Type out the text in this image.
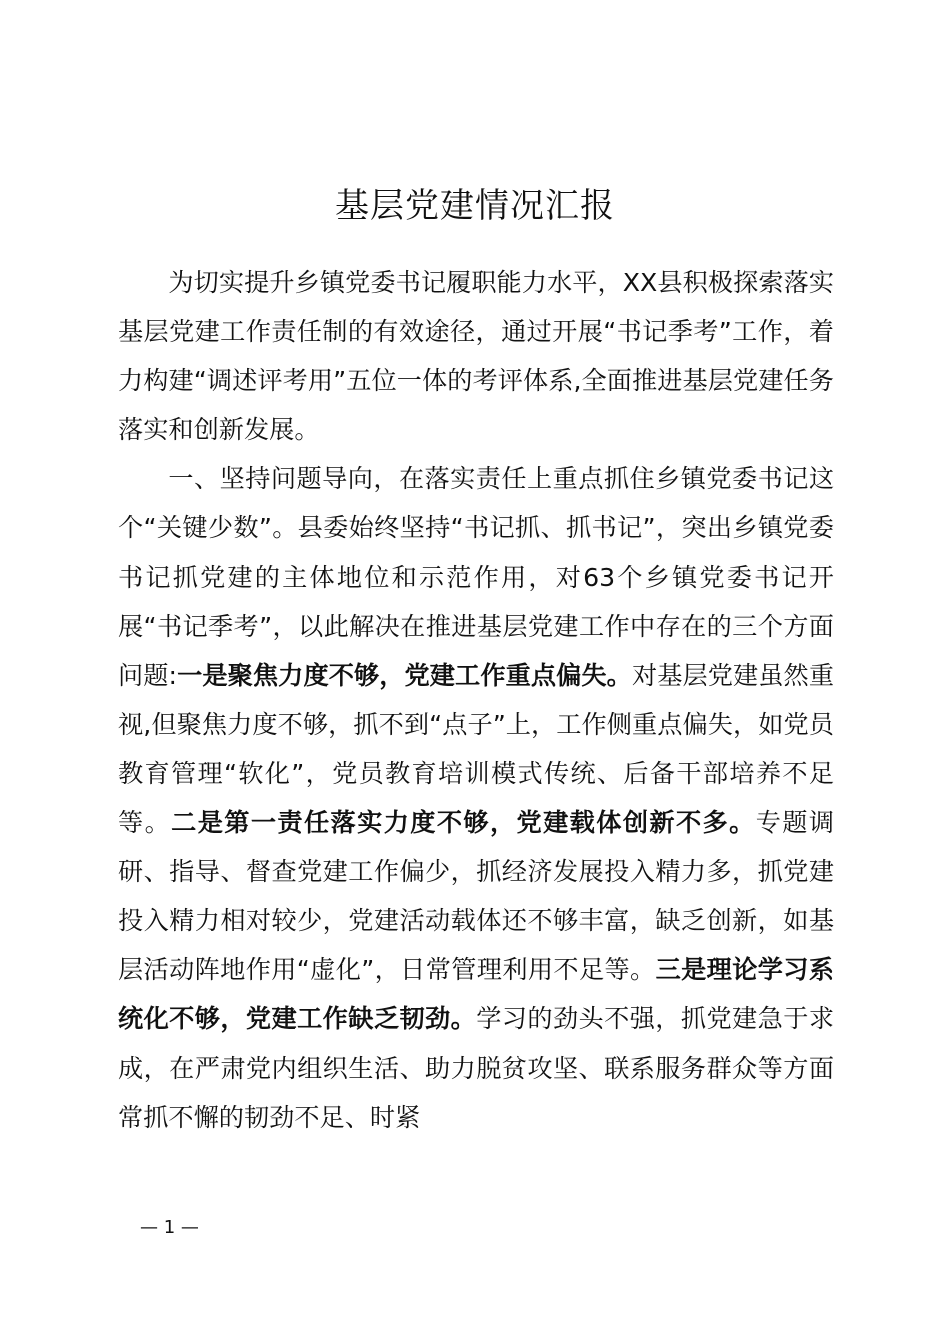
基层党建情况汇报

为切实提升乡镇党委书记履职能力水平，XX县积极探索落实基层党建工作责任制的有效途径，通过开展“书记季考”工作，着力构建“调述评考用”五位一体的考评体系,全面推进基层党建任务落实和创新发展。

一、坚持问题导向，在落实责任上重点抓住乡镇党委书记这个“关键少数”。县委始终坚持“书记抓、抓书记”，突出乡镇党委书记抓党建的主体地位和示范作用，对63个乡镇党委书记开展“书记季考”，以此解决在推进基层党建工作中存在的三个方面问题:一是聚焦力度不够，党建工作重点偏失。对基层党建虽然重视,但聚焦力度不够，抓不到“点子”上，工作侧重点偏失，如党员教育管理“软化”，党员教育培训模式传统、后备干部培养不足等。二是第一责任落实力度不够，党建载体创新不多。专题调研、指导、督查党建工作偏少，抓经济发展投入精力多，抓党建投入精力相对较少，党建活动载体还不够丰富，缺乏创新，如基层活动阵地作用“虚化”，日常管理利用不足等。三是理论学习系统化不够，党建工作缺乏韧劲。学习的劲头不强，抓党建急于求成，在严肃党内组织生活、助力脱贫攻坚、联系服务群众等方面常抓不懈的韧劲不足、时紧

— 1 —
